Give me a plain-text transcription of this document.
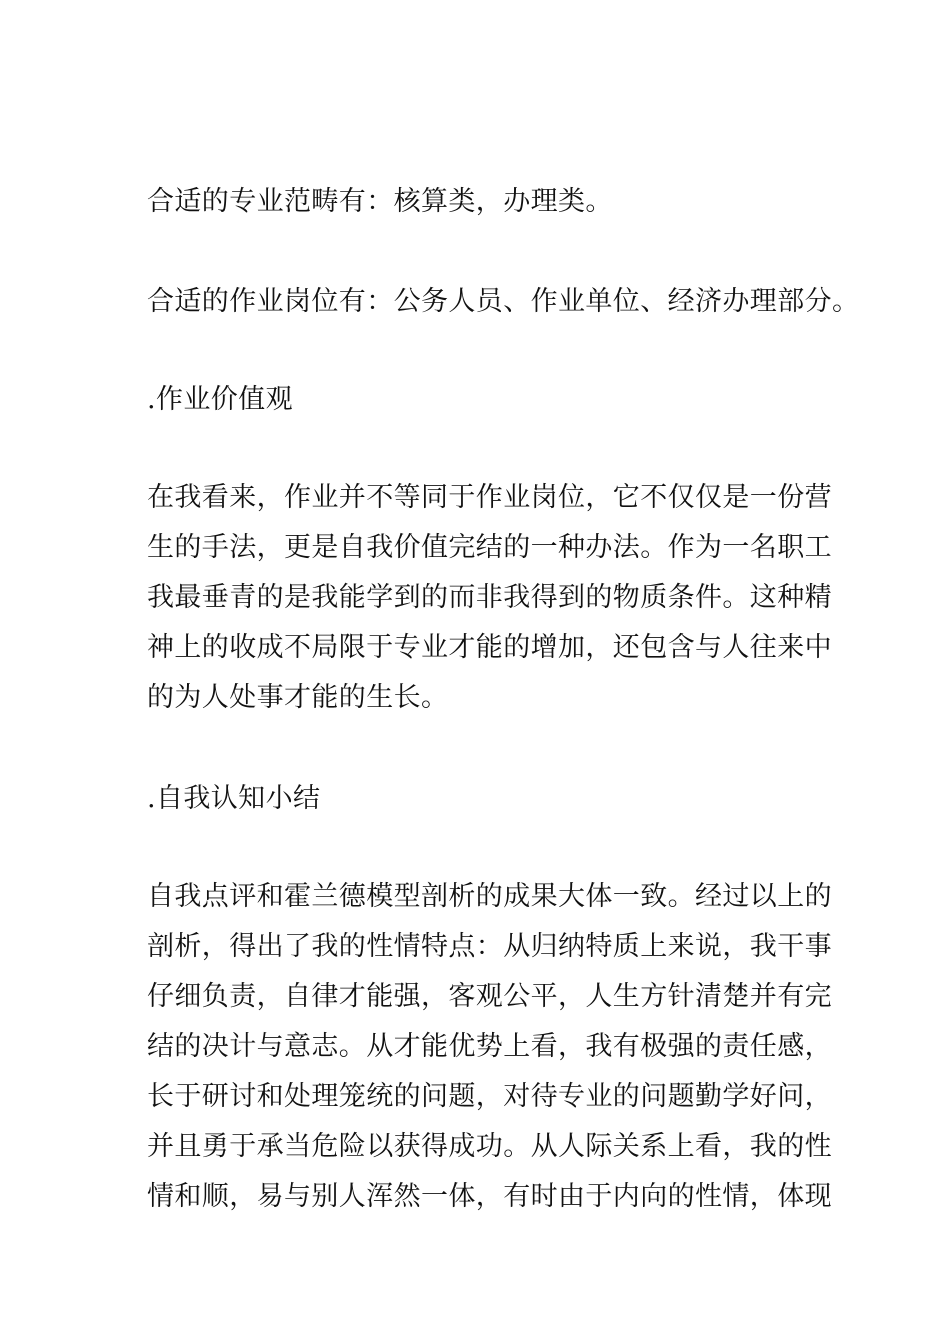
合适的专业范畴有：核算类，办理类。
合适的作业岗位有：公务人员、作业单位、经济办理部分。
.作业价值观
在我看来，作业并不等同于作业岗位，它不仅仅是一份营
生的手法，更是自我价值完结的一种办法。作为一名职工
我最垂青的是我能学到的而非我得到的物质条件。这种精
神上的收成不局限于专业才能的增加，还包含与人往来中
的为人处事才能的生长。
.自我认知小结
自我点评和霍兰德模型剖析的成果大体一致。经过以上的
剖析，得出了我的性情特点：从归纳特质上来说，我干事
仔细负责，自律才能强，客观公平，人生方针清楚并有完
结的决计与意志。从才能优势上看，我有极强的责任感，
长于研讨和处理笼统的问题，对待专业的问题勤学好问，
并且勇于承当危险以获得成功。从人际关系上看，我的性
情和顺，易与别人浑然一体，有时由于内向的性情，体现
